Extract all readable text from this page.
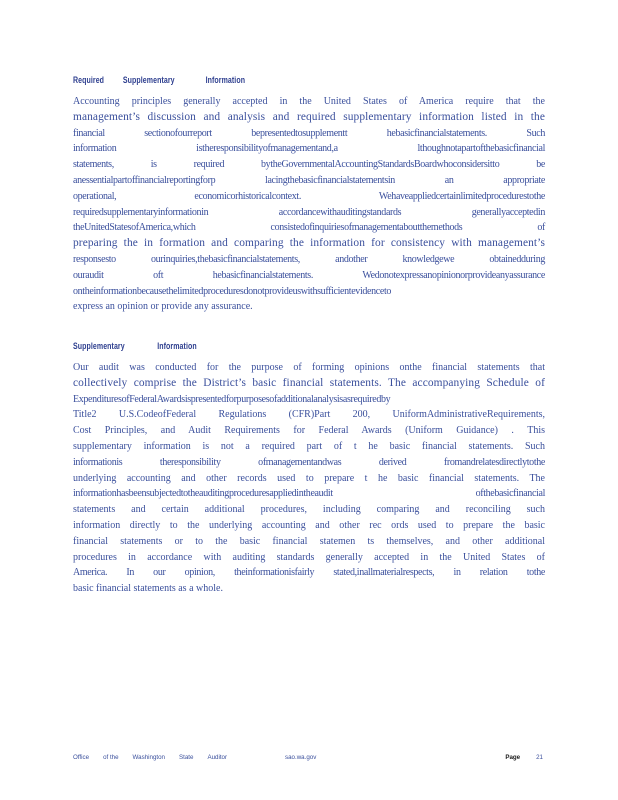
Required Supplementary	Information
Accounting principles generally accepted in the United States of America require that the
management’s discussion and analysis and required supplementary information listed in the
financial sectionofourreport bepresentedtosupplementt hebasicfinancialstatements. Such
information istheresponsibilityofmanagementand,a lthoughnotapartofthebasicfinancial
statements, is required bytheGovernmentalAccountingStandardsBoardwhoconsidersitto be
anessentialpartoffinancialreportingforp lacingthebasicfinancialstatementsin an appropriate
operational, economicorhistoricalcontext. Wehaveappliedcertainlimitedprocedurestothe
requiredsupplementaryinformationin accordancewithauditingstandards generallyacceptedin
theUnitedStatesofAmerica,which consistedofinquiriesofmanagementaboutthemethods of
preparing the in formation and comparing the information for consistency with management’s
responsesto ourinquiries,thebasicfinancialstatements, andother knowledgewe obtainedduring
ouraudit oft hebasicfinancialstatements. Wedonotexpressanopinionorprovideanyassurance
ontheinformationbecausethelimitedproceduresdonotprovideuswithsufficientevidenceto
express an opinion or provide any assurance.
Supplementary	Information
Our audit was conducted for the purpose of forming opinions onthe financial statements that
collectively comprise the District’s basic financial statements. The accompanying Schedule of
ExpendituresofFederalAwardsispresentedforpurposesofadditionalanalysisasrequiredby
Title2 U.S.CodeofFederal Regulations (CFR)Part 200, UniformAdministrativeRequirements,
Cost Principles, and Audit Requirements for Federal Awards (Uniform Guidance) . This
supplementary information is not a required part of t he basic financial statements. Such
informationis theresponsibility ofmanagementandwas derived fromandrelatesdirectlytothe
underlying accounting and other records used to prepare t he basic financial statements. The
informationhasbeensubjectedtotheauditingproceduresappliedintheaudit ofthebasicfinancial
statements and certain additional procedures, including comparing and reconciling such
information directly to the underlying accounting and other rec ords used to prepare the basic
financial statements or to the basic financial statemen ts themselves, and other additional
procedures in accordance with auditing standards generally accepted in the United States of
America. In our opinion, theinformationisfairly stated,inallmaterialrespects, in relation tothe
basic financial statements as a whole.
Office of the Washington State Auditor	sao.wa.gov	Page	21
